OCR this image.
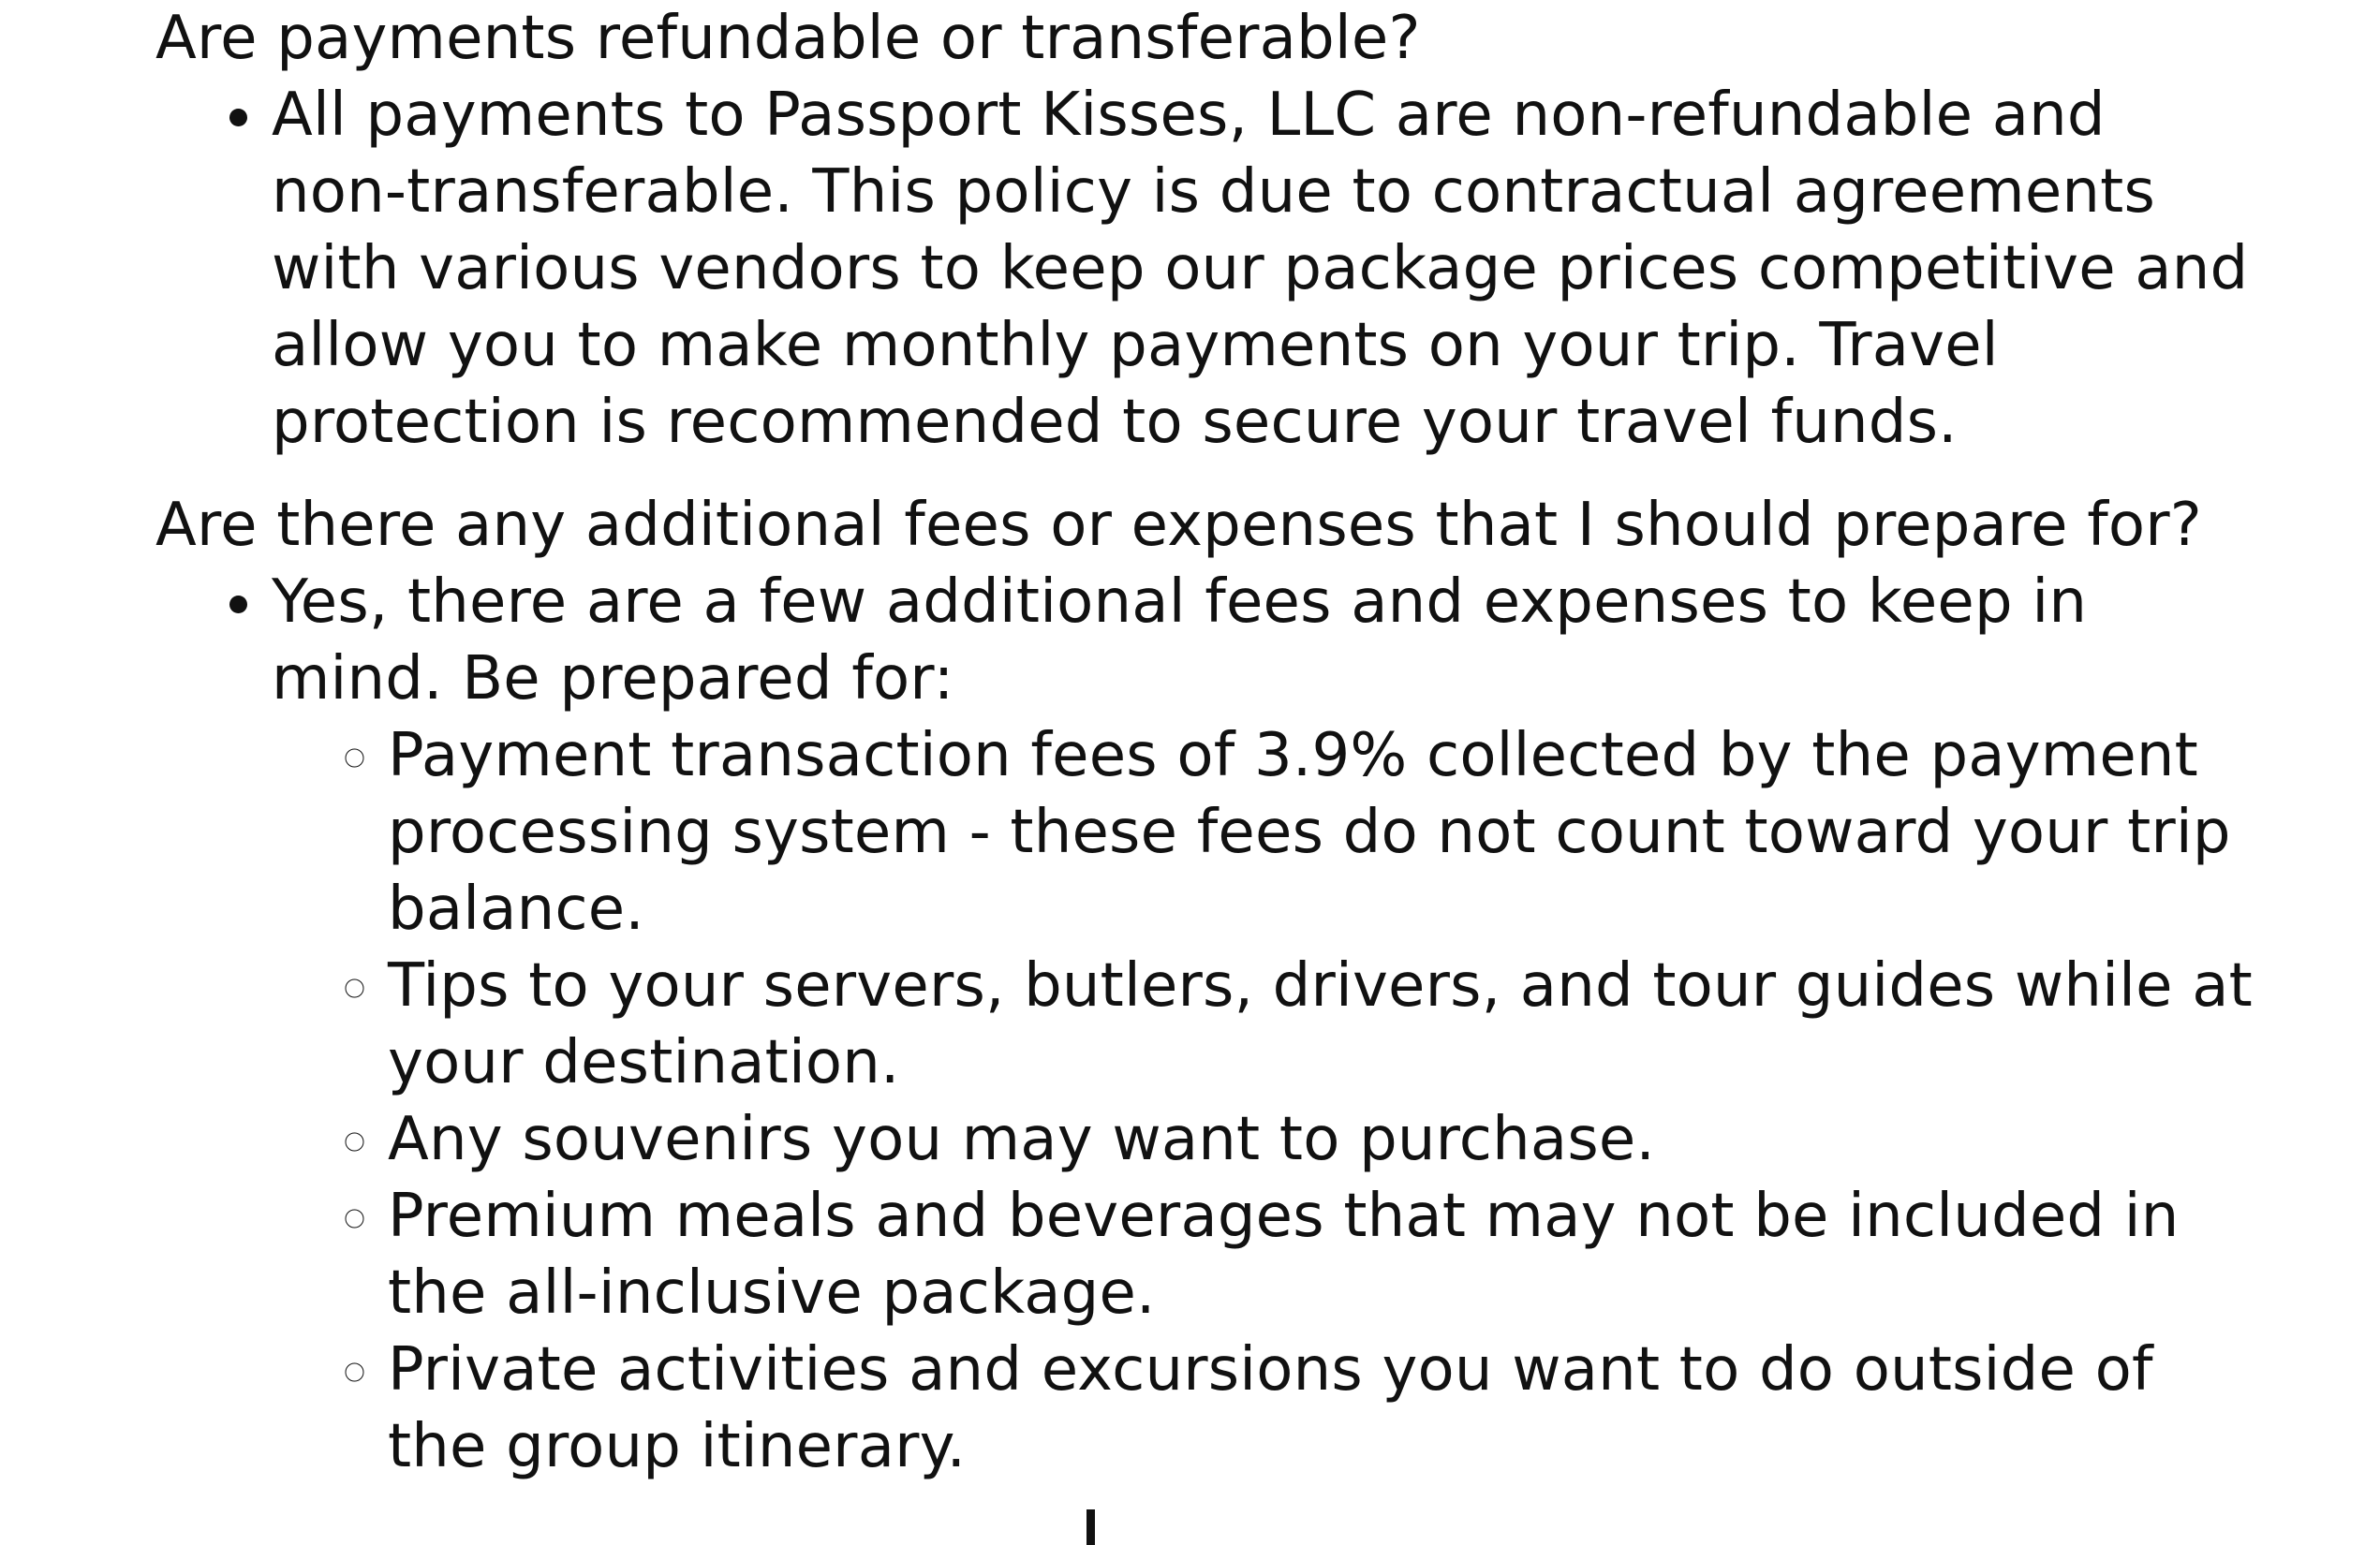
Are payments refundable or transferable?

• All payments to Passport Kisses, LLC are non-refundable and non-transferable. This policy is due to contractual agreements with various vendors to keep our package prices competitive and allow you to make monthly payments on your trip. Travel protection is recommended to secure your travel funds.

Are there any additional fees or expenses that I should prepare for?

• Yes, there are a few additional fees and expenses to keep in mind. Be prepared for:
◦ Payment transaction fees of 3.9% collected by the payment processing system - these fees do not count toward your trip balance.
◦ Tips to your servers, butlers, drivers, and tour guides while at your destination.
◦ Any souvenirs you may want to purchase.
◦ Premium meals and beverages that may not be included in the all-inclusive package.
◦ Private activities and excursions you want to do outside of the group itinerary.
